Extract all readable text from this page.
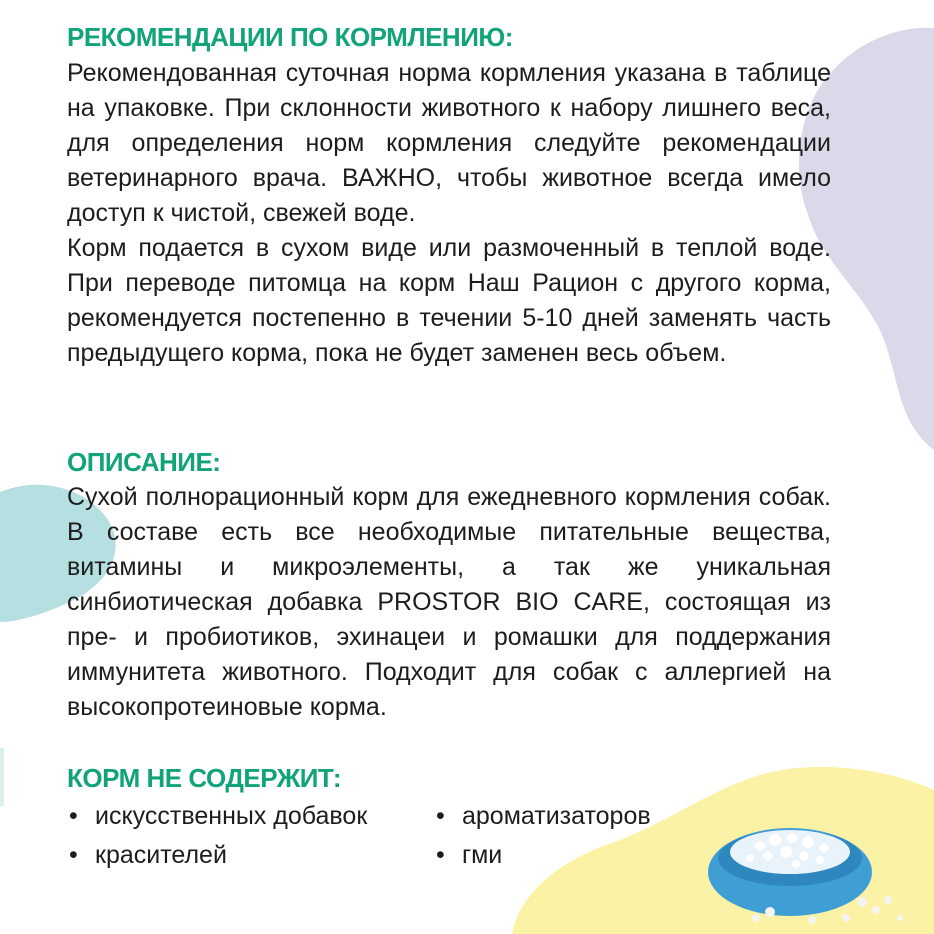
РЕКОМЕНДАЦИИ ПО КОРМЛЕНИЮ:

Рекомендованная суточная норма кормления указана в таблице на упаковке. При склонности животного к набору лишнего веса, для определения норм кормления следуйте рекомендации ветеринарного врача. ВАЖНО, чтобы животное всегда имело доступ к чистой, свежей воде.

Корм подается в сухом виде или размоченный в теплой воде. При переводе питомца на корм Наш Рацион с другого корма, рекомендуется постепенно в течении 5-10 дней заменять часть предыдущего корма, пока не будет заменен весь объем.

ОПИСАНИЕ:

Сухой полнорационный корм для ежедневного кормления собак. В составе есть все необходимые питательные вещества, витамины и микроэлементы, а так же уникальная синбиотическая добавка PROSTOR BIO CARE, состоящая из пре- и пробиотиков, эхинацеи и ромашки для поддержания иммунитета животного. Подходит для собак с аллергией на высокопротеиновые корма.

КОРМ НЕ СОДЕРЖИТ:
• искусственных добавок
• красителей
• ароматизаторов
• гми
